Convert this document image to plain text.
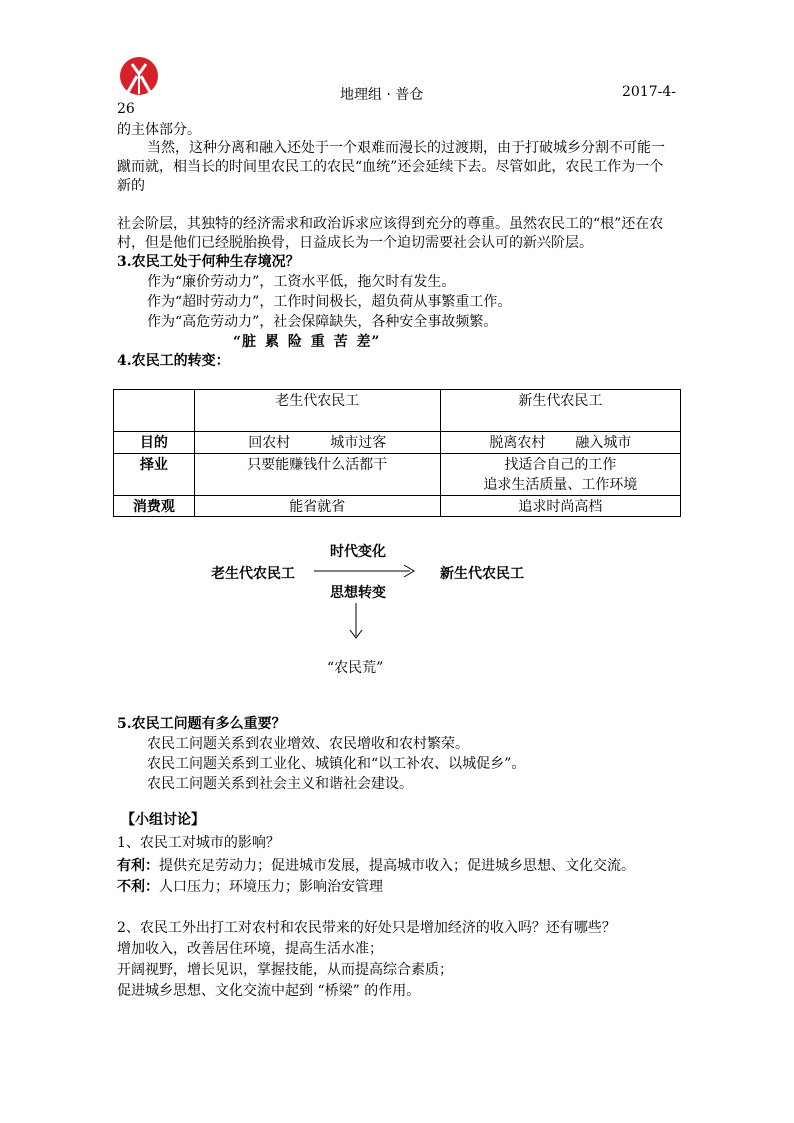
地理组 · 普仓	2017-4-
26
的主体部分。
当然，这种分离和融入还处于一个艰难而漫长的过渡期，由于打破城乡分割不可能一
蹴而就，相当长的时间里农民工的农民“血统”还会延续下去。尽管如此，农民工作为一个
新的
社会阶层，其独特的经济需求和政治诉求应该得到充分的尊重。虽然农民工的“根”还在农
村，但是他们已经脱胎换骨，日益成长为一个迫切需要社会认可的新兴阶层。
3.农民工处于何种生存境况？
作为“廉价劳动力”，工资水平低，拖欠时有发生。
作为“超时劳动力”，工作时间极长，超负荷从事繁重工作。
作为“高危劳动力”，社会保障缺失，各种安全事故频繁。
“脏 累 险 重 苦 差”
4.农民工的转变：
	老生代农民工	新生代农民工
目的	回农村 城市过客	脱离农村 融入城市
择业	只要能赚钱什么活都干	找适合自己的工作
追求生活质量、工作环境

消费观	能省就省	追求时尚高档
时代变化
老生代农民工
思想转变
新生代农民工
“农民荒”
5.农民工问题有多么重要？
农民工问题关系到农业增效、农民增收和农村繁荣。
农民工问题关系到工业化、城镇化和“以工补农、以城促乡”。
农民工问题关系到社会主义和谐社会建设。
【小组讨论】
1、农民工对城市的影响？
有利：提供充足劳动力；促进城市发展，提高城市收入；促进城乡思想、文化交流。
不利：人口压力；环境压力；影响治安管理
2、农民工外出打工对农村和农民带来的好处只是增加经济的收入吗？还有哪些？
增加收入，改善居住环境，提高生活水准；
开阔视野，增长见识，掌握技能，从而提高综合素质；
促进城乡思想、文化交流中起到 “桥梁” 的作用。
